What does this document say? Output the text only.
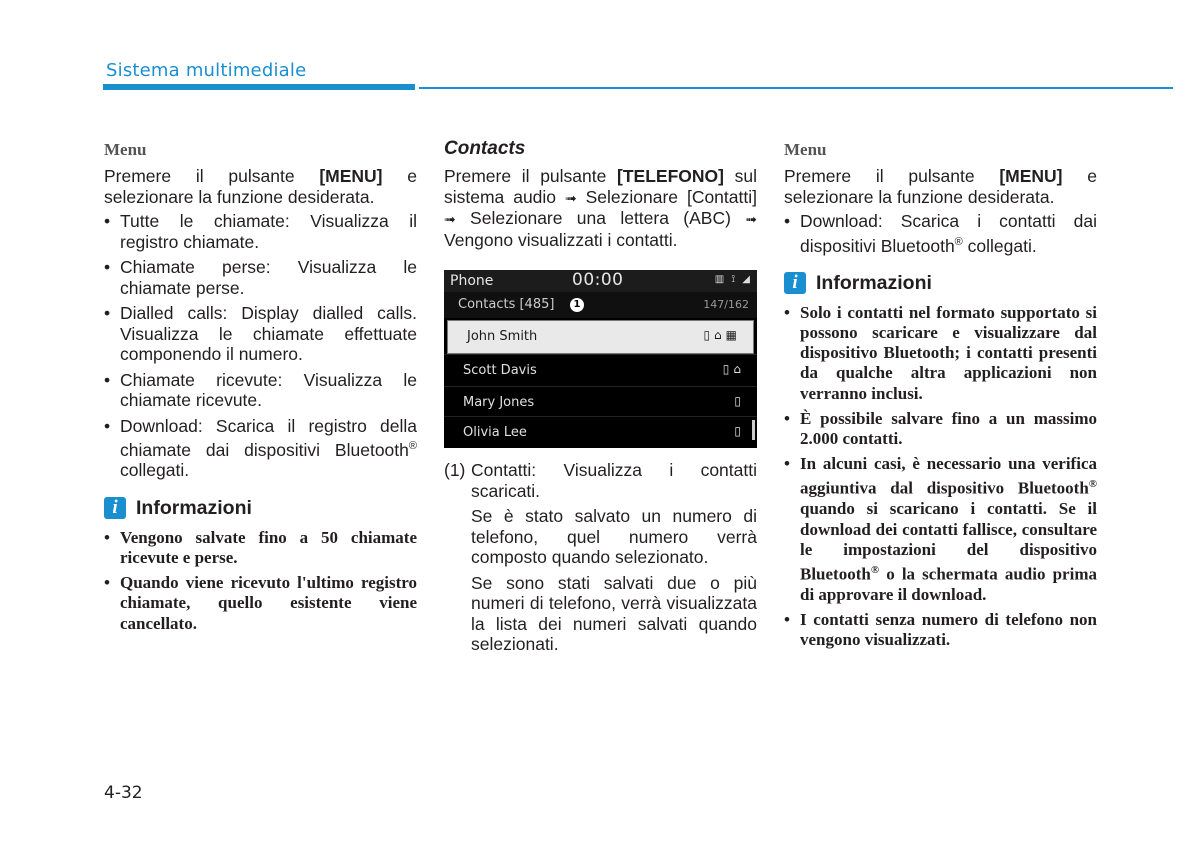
Sistema multimediale
Menu

Premere il pulsante [MENU] e selezionare la funzione desiderata.

• Tutte le chiamate: Visualizza il registro chiamate.
• Chiamate perse: Visualizza le chiamate perse.
• Dialled calls: Display dialled calls. Visualizza le chiamate effettuate componendo il numero.
• Chiamate ricevute: Visualizza le chiamate ricevute.
• Download: Scarica il registro della chiamate dai dispositivi Bluetooth® collegati.
i Informazioni
• Vengono salvate fino a 50 chiamate ricevute e perse.
• Quando viene ricevuto l'ultimo registro chiamate, quello esistente viene cancellato.
Contacts

Premere il pulsante [TELEFONO] sul sistema audio ➟ Selezionare [Contatti] ➟ Selezionare una lettera (ABC) ➟ Vengono visualizzati i contatti.

Phone	00:00	▥ ⟟ ◢
Contacts [485]	1	147/162
John Smith	▯⌂▦
Scott Davis	▯⌂
Mary Jones	▯
Olivia Lee	▯
(1) Contatti: Visualizza i contatti scaricati.

Se è stato salvato un numero di telefono, quel numero verrà composto quando selezionato.

Se sono stati salvati due o più numeri di telefono, verrà visualizzata la lista dei numeri salvati quando selezionati.

Menu

Premere il pulsante [MENU] e selezionare la funzione desiderata.

• Download: Scarica i contatti dai dispositivi Bluetooth® collegati.
i Informazioni
• Solo i contatti nel formato supportato si possono scaricare e visualizzare dal dispositivo Bluetooth; i contatti presenti da qualche altra applicazioni non verranno inclusi.
• È possibile salvare fino a un massimo 2.000 contatti.
• In alcuni casi, è necessario una verifica aggiuntiva dal dispositivo Bluetooth® quando si scaricano i contatti. Se il download dei contatti fallisce, consultare le impostazioni del dispositivo Bluetooth® o la schermata audio prima di approvare il download.
• I contatti senza numero di telefono non vengono visualizzati.
4-32
